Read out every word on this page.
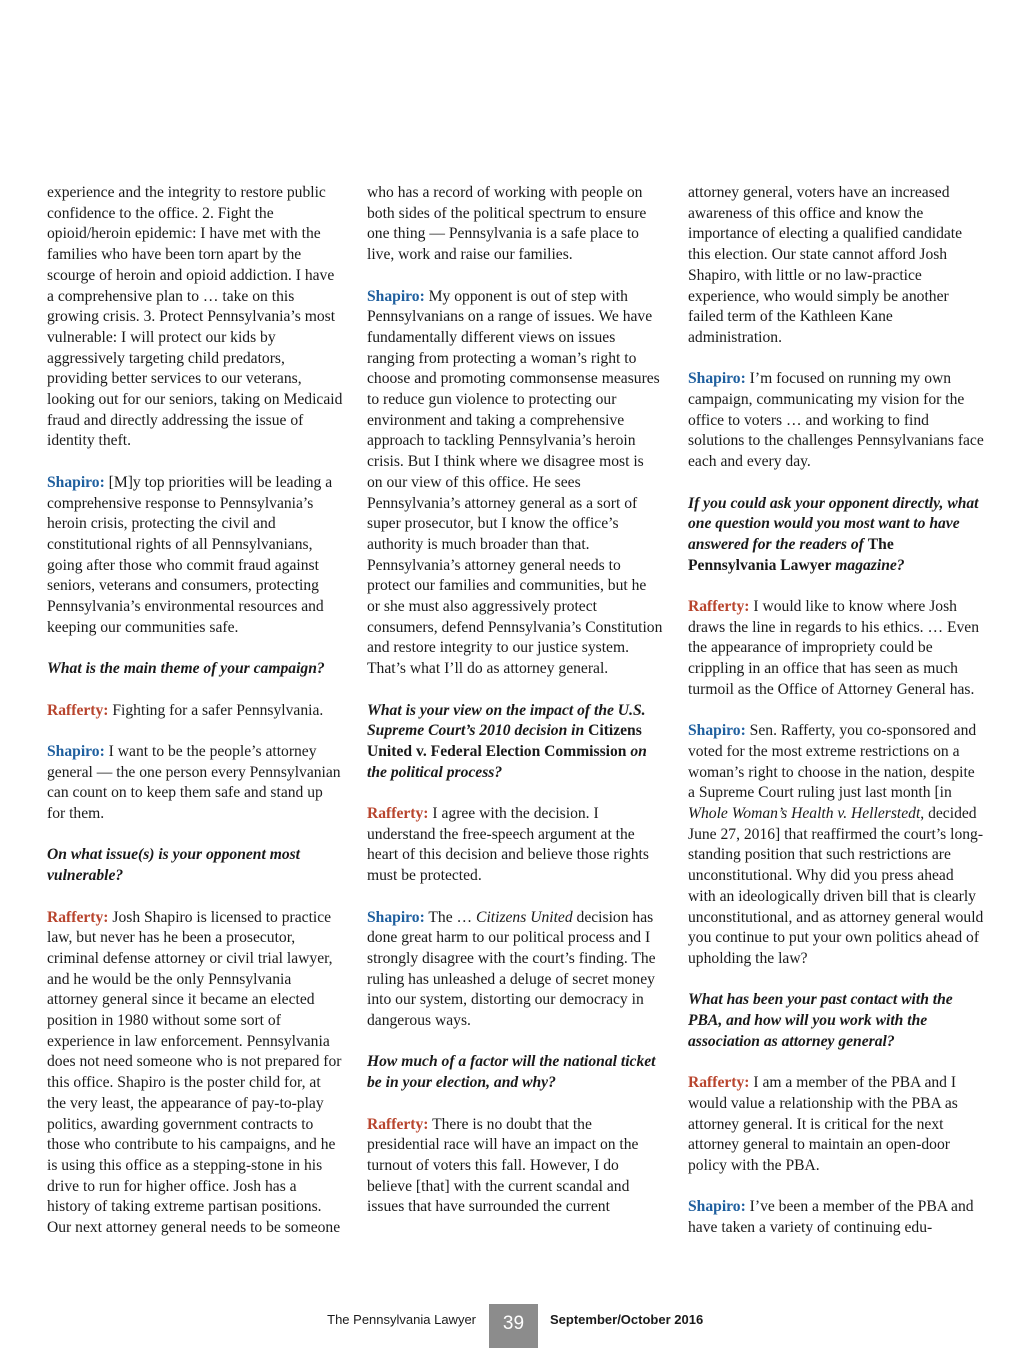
experience and the integrity to restore public confidence to the office. 2. Fight the opioid/heroin epidemic: I have met with the families who have been torn apart by the scourge of heroin and opioid addiction. I have a comprehensive plan to … take on this growing crisis. 3. Protect Pennsylvania’s most vulnerable: I will protect our kids by aggressively targeting child predators, providing better services to our veterans, looking out for our seniors, taking on Medicaid fraud and directly addressing the issue of identity theft.

Shapiro: [M]y top priorities will be leading a comprehensive response to Pennsylvania’s heroin crisis, protecting the civil and constitutional rights of all Pennsylvanians, going after those who commit fraud against seniors, veterans and consumers, protecting Pennsylvania’s environmental resources and keeping our communities safe.

What is the main theme of your campaign?

Rafferty: Fighting for a safer Pennsylvania.

Shapiro: I want to be the people’s attorney general — the one person every Pennsylvanian can count on to keep them safe and stand up for them.

On what issue(s) is your opponent most vulnerable?

Rafferty: Josh Shapiro is licensed to practice law, but never has he been a prosecutor, criminal defense attorney or civil trial lawyer, and he would be the only Pennsylvania attorney general since it became an elected position in 1980 without some sort of experience in law enforcement. Pennsylvania does not need someone who is not prepared for this office. Shapiro is the poster child for, at the very least, the appearance of pay-to-play politics, awarding government contracts to those who contribute to his campaigns, and he is using this office as a stepping-stone in his drive to run for higher office. Josh has a history of taking extreme partisan positions. Our next attorney general needs to be someone

who has a record of working with people on both sides of the political spectrum to ensure one thing — Pennsylvania is a safe place to live, work and raise our families.

Shapiro: My opponent is out of step with Pennsylvanians on a range of issues. We have fundamentally different views on issues ranging from protecting a woman’s right to choose and promoting commonsense measures to reduce gun violence to protecting our environment and taking a comprehensive approach to tackling Pennsylvania’s heroin crisis. But I think where we disagree most is on our view of this office. He sees Pennsylvania’s attorney general as a sort of super prosecutor, but I know the office’s authority is much broader than that. Pennsylvania’s attorney general needs to protect our families and communities, but he or she must also aggressively protect consumers, defend Pennsylvania’s Constitution and restore integrity to our justice system. That’s what I’ll do as attorney general.

What is your view on the impact of the U.S. Supreme Court’s 2010 decision in Citizens United v. Federal Election Commission on the political process?

Rafferty: I agree with the decision. I understand the free-speech argument at the heart of this decision and believe those rights must be protected.

Shapiro: The … Citizens United decision has done great harm to our political process and I strongly disagree with the court’s finding. The ruling has unleashed a deluge of secret money into our system, distorting our democracy in dangerous ways.

How much of a factor will the national ticket be in your election, and why?

Rafferty: There is no doubt that the presidential race will have an impact on the turnout of voters this fall. However, I do believe [that] with the current scandal and issues that have surrounded the current

attorney general, voters have an increased awareness of this office and know the importance of electing a qualified candidate this election. Our state cannot afford Josh Shapiro, with little or no law-practice experience, who would simply be another failed term of the Kathleen Kane administration.

Shapiro: I’m focused on running my own campaign, communicating my vision for the office to voters … and working to find solutions to the challenges Pennsylvanians face each and every day.

If you could ask your opponent directly, what one question would you most want to have answered for the readers of The Pennsylvania Lawyer magazine?

Rafferty: I would like to know where Josh draws the line in regards to his ethics. … Even the appearance of impropriety could be crippling in an office that has seen as much turmoil as the Office of Attorney General has.

Shapiro: Sen. Rafferty, you co-sponsored and voted for the most extreme restrictions on a woman’s right to choose in the nation, despite a Supreme Court ruling just last month [in Whole Woman’s Health v. Hellerstedt, decided June 27, 2016] that reaffirmed the court’s long-standing position that such restrictions are unconstitutional. Why did you press ahead with an ideologically driven bill that is clearly unconstitutional, and as attorney general would you continue to put your own politics ahead of upholding the law?

What has been your past contact with the PBA, and how will you work with the association as attorney general?

Rafferty: I am a member of the PBA and I would value a relationship with the PBA as attorney general. It is critical for the next attorney general to maintain an open-door policy with the PBA.

Shapiro: I’ve been a member of the PBA and have taken a variety of continuing edu-

The Pennsylvania Lawyer	39	September/October 2016
